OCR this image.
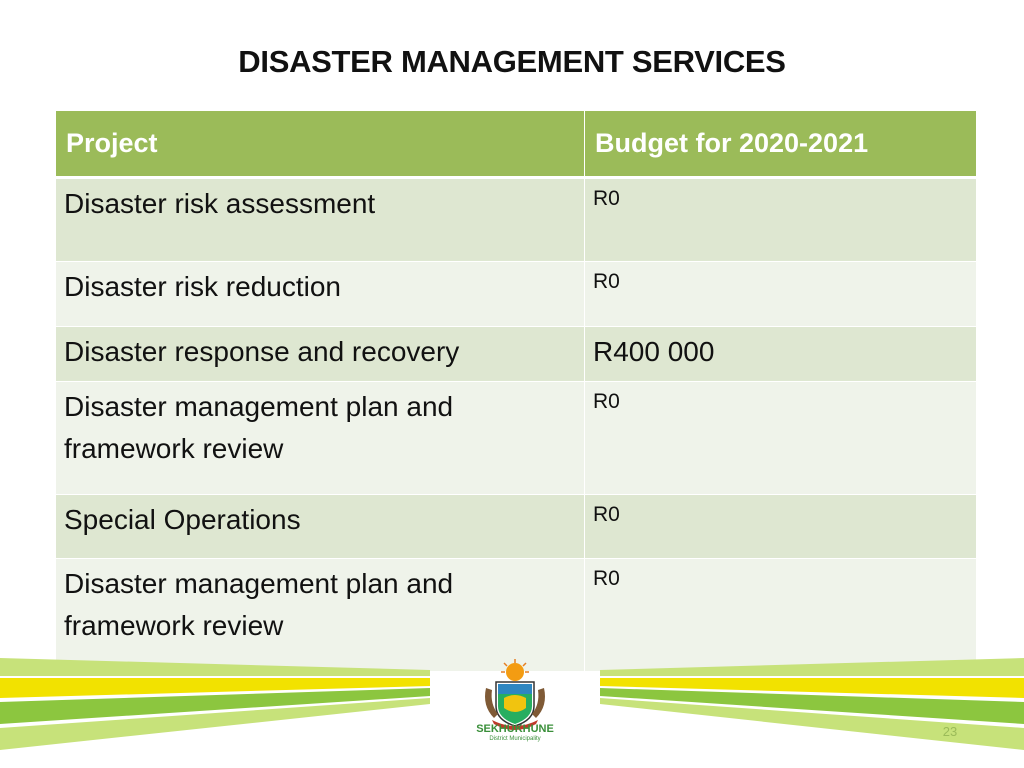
DISASTER MANAGEMENT SERVICES
Project	Budget for 2020-2021
Disaster risk assessment	R0
Disaster risk reduction	R0
Disaster response and recovery	R400 000
Disaster management plan and framework review	R0
Special Operations	R0
Disaster management plan and framework review	R0
SEKHUKHUNE
District Municipality	23
